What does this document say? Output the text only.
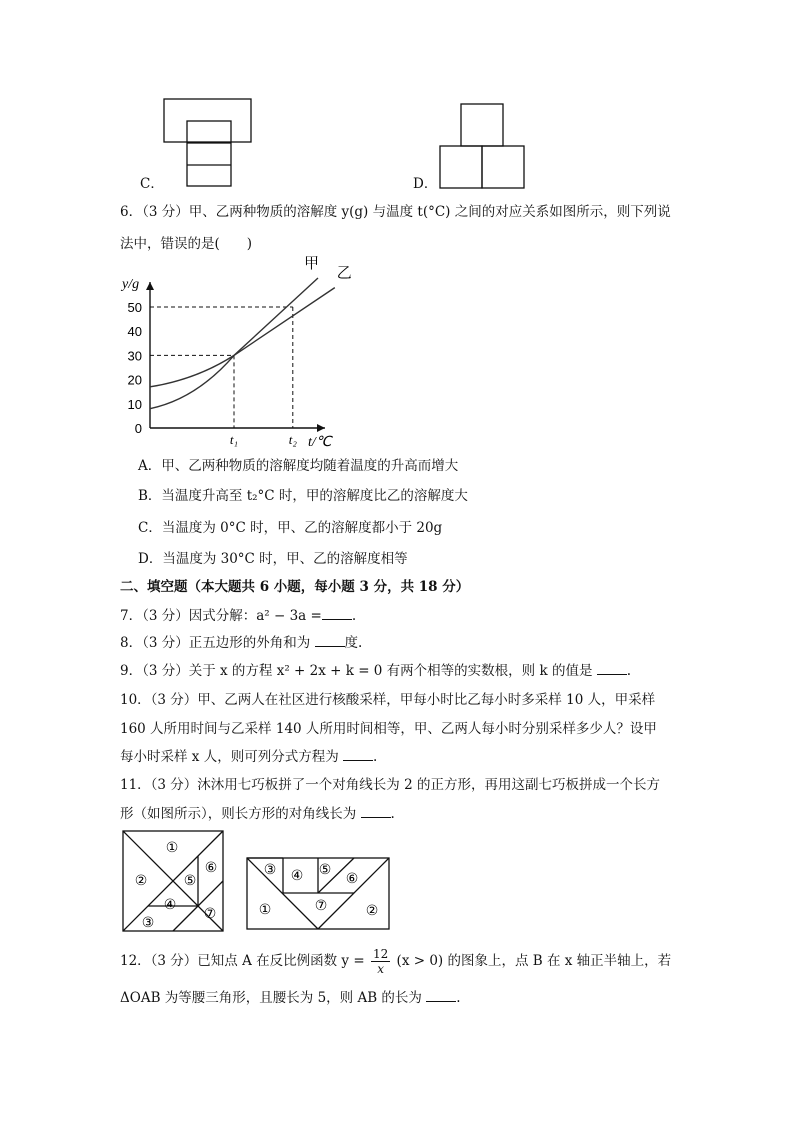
C．	D．
6．（3 分）甲、乙两种物质的溶解度 y(g) 与温度 t(°C) 之间的对应关系如图所示，则下列说
法中，错误的是(　　)
y/g
t/℃
0
10
20
30
40
50
t₁	t₂
甲
乙
A．甲、乙两种物质的溶解度均随着温度的升高而增大
B．当温度升高至 t₂°C 时，甲的溶解度比乙的溶解度大
C．当温度为 0°C 时，甲、乙的溶解度都小于 20g
D．当温度为 30°C 时，甲、乙的溶解度相等
二、填空题（本大题共 6 小题，每小题 3 分，共 18 分）
7．（3 分）因式分解：a² − 3a = .
8．（3 分）正五边形的外角和为	度.
9．（3 分）关于 x 的方程 x² + 2x + k = 0 有两个相等的实数根，则 k 的值是	.
10．（3 分）甲、乙两人在社区进行核酸采样，甲每小时比乙每小时多采样 10 人，甲采样
160 人所用时间与乙采样 140 人所用时间相等，甲、乙两人每小时分别采样多少人？设甲
每小时采样 x 人，则可列分式方程为	.
11．（3 分）沐沐用七巧板拼了一个对角线长为 2 的正方形，再用这副七巧板拼成一个长方
形（如图所示），则长方形的对角线长为	.
①
②
③
④
⑤
⑥
⑦	①	②
③ ④ ⑤
⑥
⑦
12．（3 分）已知点 A 在反比例函数 $y = \frac{12}{x} (x > 0)$ 的图象上，点 B 在 x 轴正半轴上，若
ΔOAB 为等腰三角形，且腰长为 5，则 AB 的长为	.
